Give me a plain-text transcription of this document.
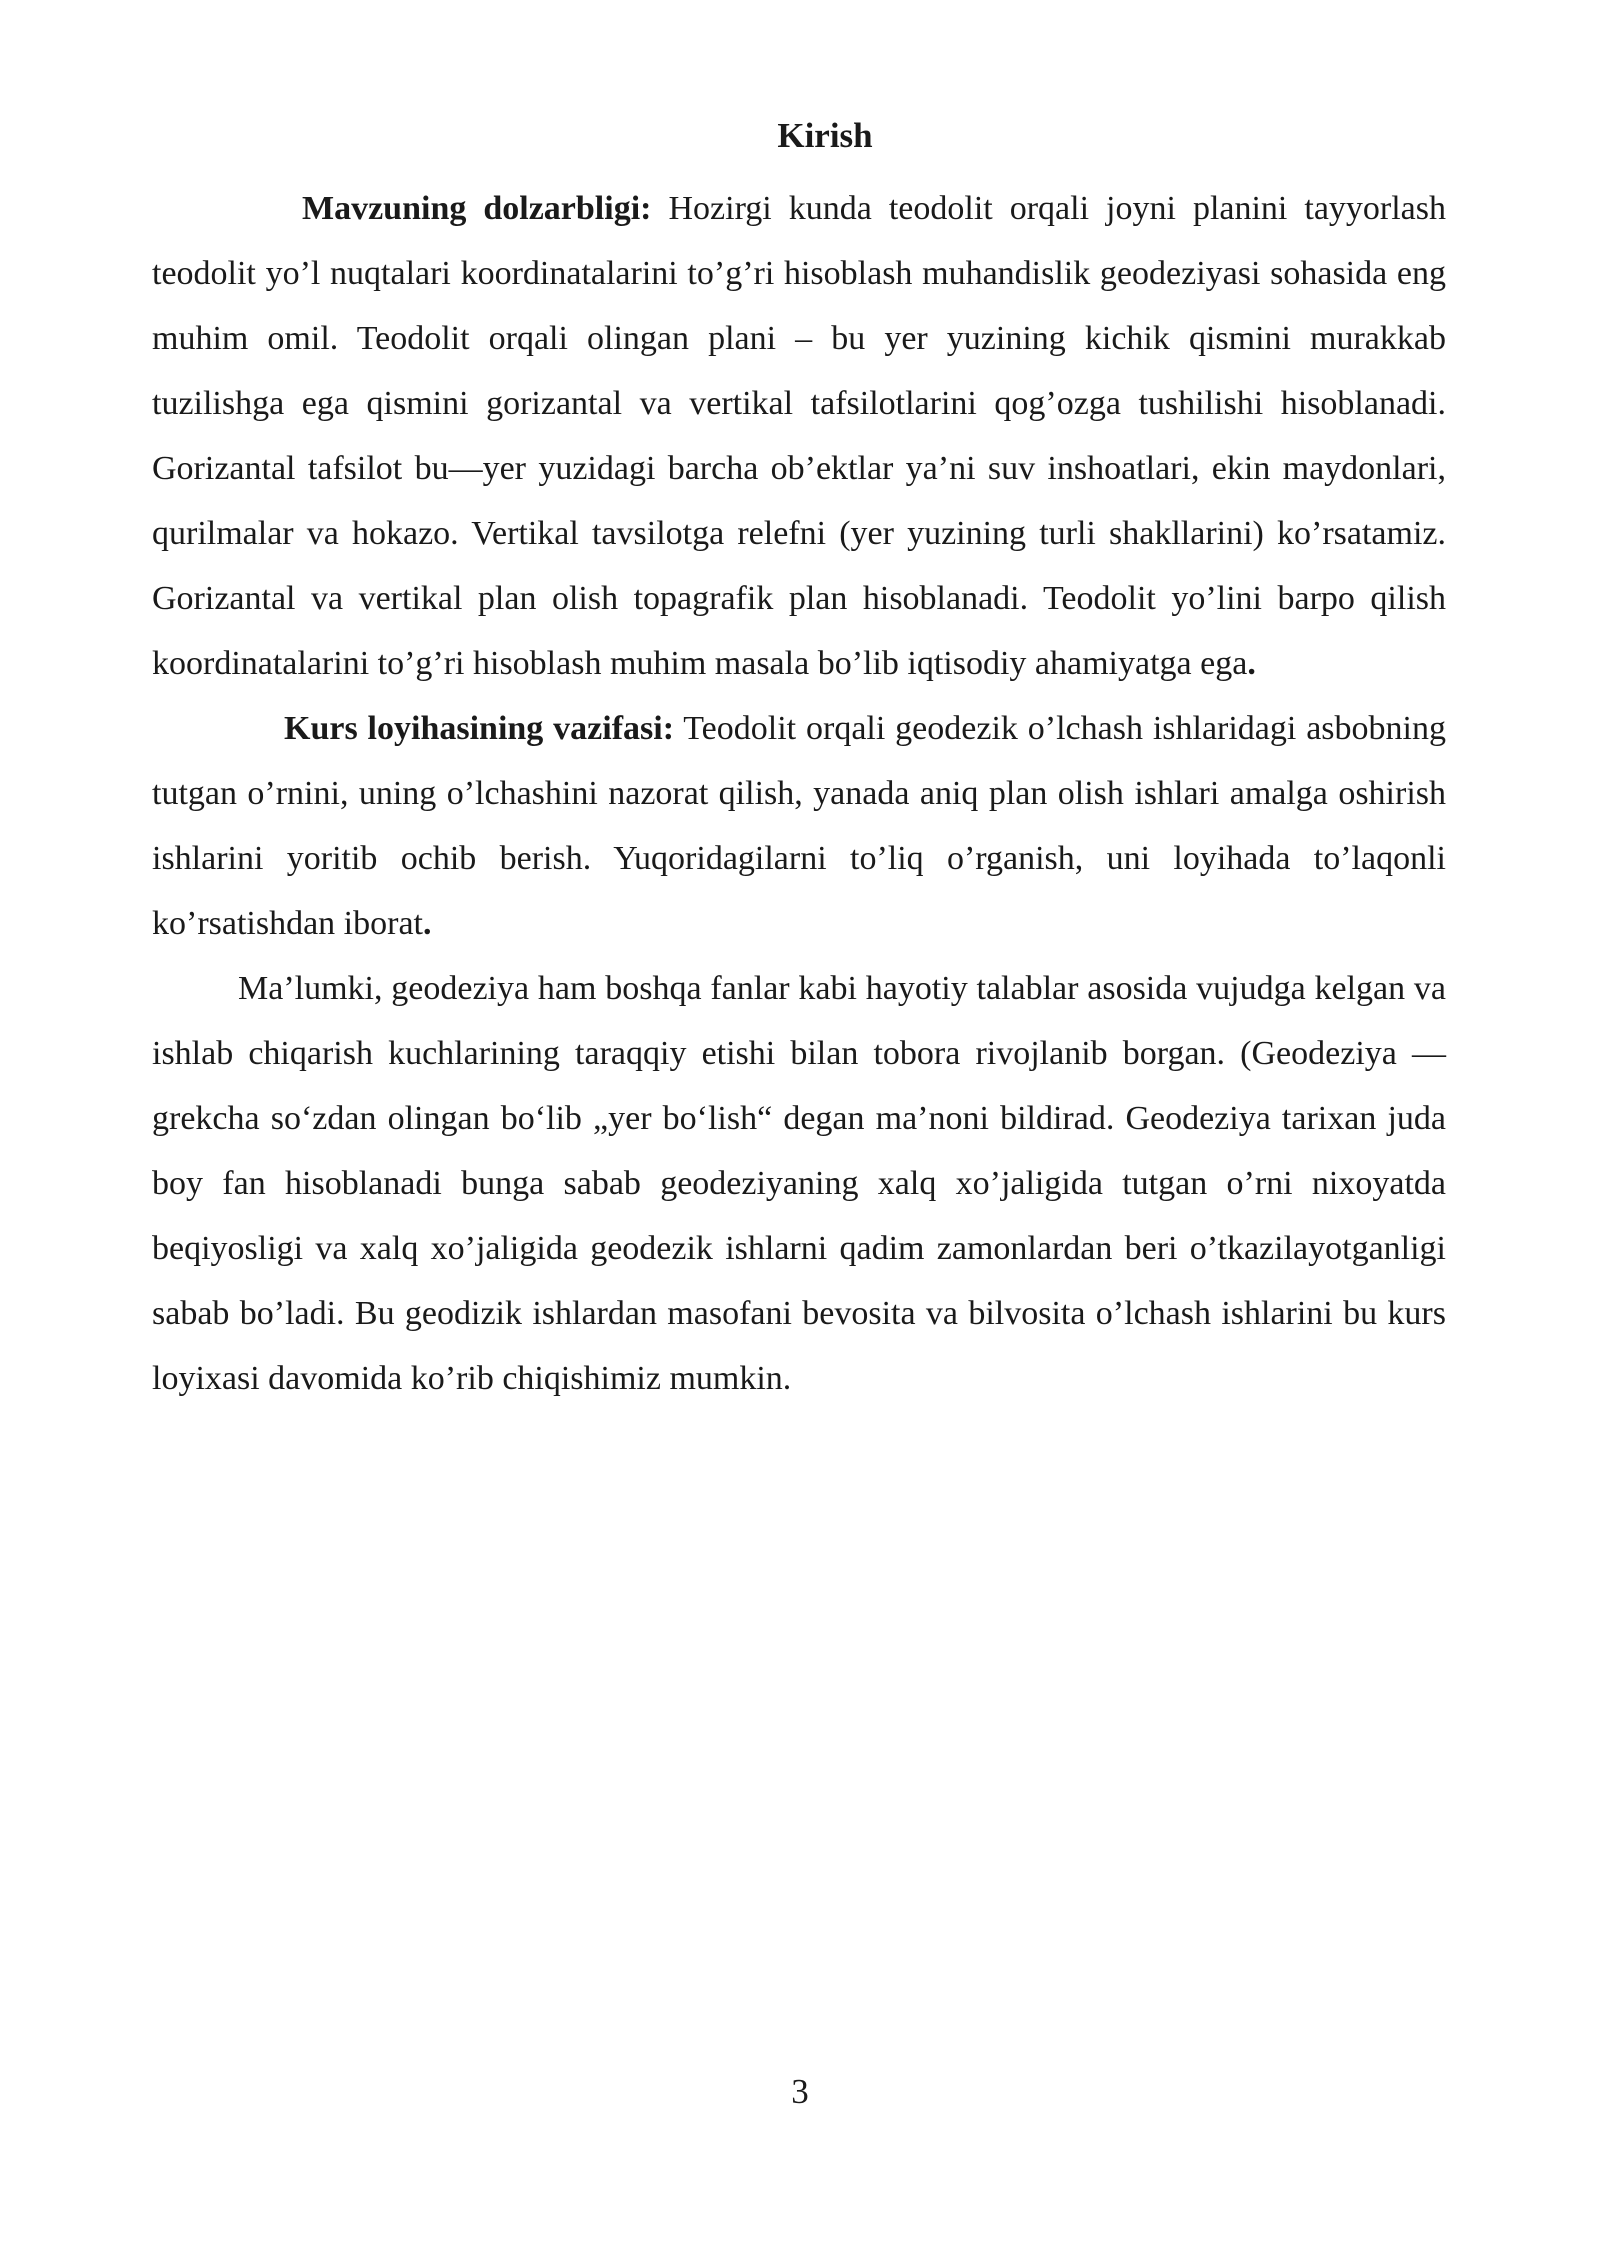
Kirish

Mavzuning dolzarbligi: Hozirgi kunda teodolit orqali joyni planini tayyorlash teodolit yo’l nuqtalari koordinatalarini to’g’ri hisoblash muhandislik geodeziyasi sohasida eng muhim omil. Teodolit orqali olingan plani – bu yer yuzining kichik qismini murakkab tuzilishga ega qismini gorizantal va vertikal tafsilotlarini qog’ozga tushilishi hisoblanadi. Gorizantal tafsilot bu—yer yuzidagi barcha ob’ektlar ya’ni suv inshoatlari, ekin maydonlari, qurilmalar va hokazo. Vertikal tavsilotga relefni (yer yuzining turli shakllarini) ko’rsatamiz. Gorizantal va vertikal plan olish topagrafik plan hisoblanadi. Teodolit yo’lini barpo qilish koordinatalarini to’g’ri hisoblash muhim masala bo’lib iqtisodiy ahamiyatga ega.

Kurs loyihasining vazifasi: Teodolit orqali geodezik o’lchash ishlaridagi asbobning tutgan o’rnini, uning o’lchashini nazorat qilish, yanada aniq plan olish ishlari amalga oshirish ishlarini yoritib ochib berish. Yuqoridagilarni to’liq o’rganish, uni loyihada to’laqonli ko’rsatishdan iborat.

Ma’lumki, geodeziya ham boshqa fanlar kabi hayotiy talablar asosida vujudga kelgan va ishlab chiqarish kuchlarining taraqqiy etishi bilan tobora rivojlanib borgan. (Geodeziya — grekcha so‘zdan olingan bo‘lib „yer bo‘lish“ degan ma’noni bildirad. Geodeziya tarixan juda boy fan hisoblanadi bunga sabab geodeziyaning xalq xo’jaligida tutgan o’rni nixoyatda beqiyosligi va xalq xo’jaligida geodezik ishlarni qadim zamonlardan beri o’tkazilayotganligi sabab bo’ladi. Bu geodizik ishlardan masofani bevosita va bilvosita o’lchash ishlarini bu kurs loyixasi davomida ko’rib chiqishimiz mumkin.

3
